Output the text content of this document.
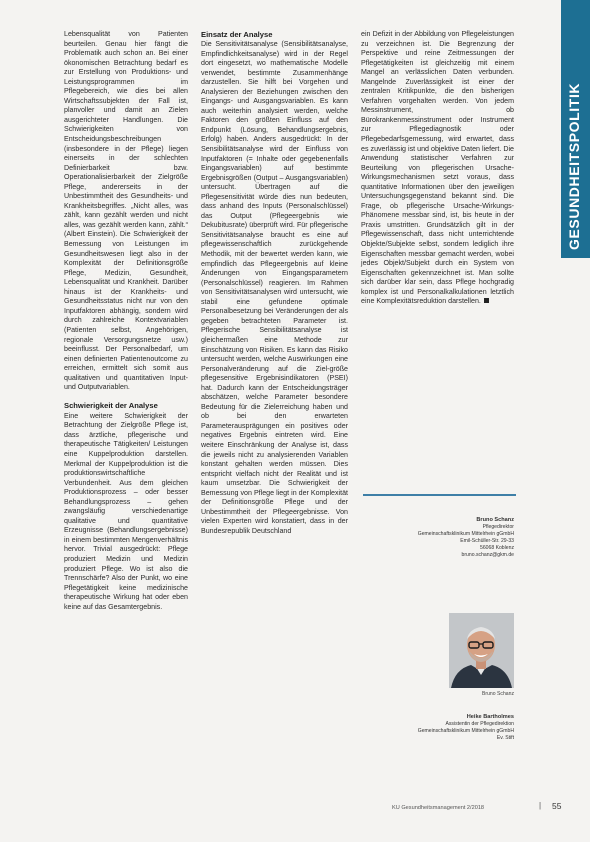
GESUNDHEITSPOLITIK

Lebensqualität von Patienten beurteilen. Genau hier fängt die Problematik auch schon an. Bei einer ökonomischen Betrachtung bedarf es zur Erstellung von Produktions- und Leistungsprogrammen im Pflegebereich, wie dies bei allen Wirtschaftssubjekten der Fall ist, planvoller und damit an Zielen ausgerichteter Handlungen. Die Schwierigkeiten von Entscheidungsbeschreibungen (insbesondere in der Pflege) liegen einerseits in der schlechten Definierbarkeit bzw. Operationalisierbarkeit der Zielgröße Pflege, andererseits in der Unbestimmtheit des Gesundheits- und Krankheitsbegriffes. „Nicht alles, was zählt, kann gezählt werden und nicht alles, was gezählt werden kann, zählt.“ (Albert Einstein). Die Schwierigkeit der Bemessung von Leistungen im Gesundheitswesen liegt also in der Komplexität der Definitionsgröße Pflege, Medizin, Gesundheit, Lebensqualität und Krankheit. Darüber hinaus ist der Krankheits- und Gesundheitsstatus nicht nur von den Inputfaktoren abhängig, sondern wird durch zahlreiche Kontextvariablen (Patienten selbst, Angehörigen, regionale Versorgungsnetze usw.) beeinflusst. Der Personalbedarf, um einen definierten Patientenoutcome zu erreichen, ermittelt sich somit aus qualitativen und quantitativen Input- und Outputvariablen.

Schwierigkeit der Analyse

Eine weitere Schwierigkeit der Betrachtung der Zielgröße Pflege ist, dass ärztliche, pflegerische und therapeutische Tätigkeiten/ Leistungen eine Kuppelproduktion darstellen. Merkmal der Kuppelproduktion ist die produktionswirtschaftliche Verbundenheit. Aus dem gleichen Produktionsprozess – oder besser Behandlungsprozess – gehen zwangsläufig verschiedenartige qualitative und quantitative Erzeugnisse (Behandlungsergebnisse) in einem bestimmten Mengenverhältnis hervor. Trivial ausgedrückt: Pflege produziert Medizin und Medizin produziert Pflege. Wo ist also die Trennschärfe? Also der Punkt, wo eine Pflegetätigkeit keine medizinische therapeutische Wirkung hat oder eben keine auf das Gesamtergebnis.

Einsatz der Analyse

Die Sensitivitätsanalyse (Sensibilitätsanalyse, Empfindlichkeitsanalyse) wird in der Regel dort eingesetzt, wo mathematische Modelle verwendet, bestimmte Zusammenhänge darzustellen. Sie hilft bei Vorgehen und Analysieren der Beziehungen zwischen den Eingangs- und Ausgangsvariablen. Es kann auch weiterhin analysiert werden, welche Faktoren den größten Einfluss auf den Endpunkt (Lösung, Behandlungsergebnis, Erfolg) haben. Anders ausgedrückt: In der Sensibilitätsanalyse wird der Einfluss von Inputfaktoren (= Inhalte oder gegebenenfalls Eingangsvariablen) auf bestimmte Ergebnisgrößen (Output – Ausgangsvariablen) untersucht. Übertragen auf die Pflegesensitivität würde dies nun bedeuten, dass anhand des Inputs (Personalschlüssel) das Output (Pflegeergebnis wie Dekubitusrate) überprüft wird. Für pflegerische Sensitivitätsanalyse braucht es eine auf pflegewissenschaftlich zurückgehende Methodik, mit der bewertet werden kann, wie empfindlich das Pflegeergebnis auf kleine Änderungen von Eingangsparametern (Personalschlüssel) reagieren. Im Rahmen von Sensitivitätsanalysen wird untersucht, wie stabil eine gefundene optimale Personalbesetzung bei Veränderungen der als gegeben betrachteten Parameter ist. Pflegerische Sensibilitätsanalyse ist gleichermaßen eine Methode zur Einschätzung von Risiken. Es kann das Risiko untersucht werden, welche Auswirkungen eine Personalveränderung auf die Ziel-größe pflegesensitive Ergebnisindikatoren (PSEI) hat. Dadurch kann der Entscheidungsträger abschätzen, welche Parameter besondere Bedeutung für die Zielerreichung haben und ob bei den erwarteten Parameterausprägungen ein positives oder negatives Ergebnis eintreten wird. Eine weitere Einschränkung der Analyse ist, dass die jeweils nicht zu analysierenden Variablen konstant gehalten werden müssen. Dies entspricht vielfach nicht der Realität und ist kaum umsetzbar. Die Schwierigkeit der Bemessung von Pflege liegt in der Komplexität der Definitionsgröße Pflege und der Unbestimmtheit der Pflegeergebnisse. Von vielen Experten wird konstatiert, dass in der Bundesrepublik Deutschland

ein Defizit in der Abbildung von Pflegeleistungen zu verzeichnen ist. Die Begrenzung der Perspektive und reine Zeitmessungen der Pflegetätigkeiten ist gleichzeitig mit einem Mangel an verlässlichen Daten verbunden. Mangelnde Zuverlässigkeit ist einer der zentralen Kritikpunkte, die den bisherigen Verfahren vorgehalten werden. Von jedem Messinstrument, ob Bürokrankenmessinstrument oder Instrument zur Pflegediagnostik oder Pflegebedarfsgemessung, wird erwartet, dass es zuverlässig ist und objektive Daten liefert. Die Anwendung statistischer Verfahren zur Beurteilung von pflegerischen Ursache-Wirkungsmechanismen setzt voraus, dass quantitative Informationen über den jeweiligen Untersuchungsgegenstand bekannt sind. Die Frage, ob pflegerische Ursache-Wirkungs-Phänomene messbar sind, ist, bis heute in der Praxis umstritten. Grundsätzlich gilt in der Pflegewissenschaft, dass nicht unterrichtende Objekte/Subjekte selbst, sondern lediglich ihre Eigenschaften messbar gemacht werden, wobei jedes Objekt/Subjekt durch ein System von Eigenschaften gekennzeichnet ist. Man sollte sich darüber klar sein, dass Pflege hochgradig komplex ist und Personalkalkulationen letztlich eine Komplexitätsreduktion darstellen.

Bruno Schanz
Pflegedirektor
Gemeinschaftsklinikum Mittelrhein gGmbH
Emil-Schüller-Str. 29-33
56068 Koblenz
bruno.schanz@gkm.de
Bruno Schanz
Heike Bartholmes
Assistentin der Pflegedirektion
Gemeinschaftsklinikum Mittelrhein gGmbH
Ev. Stift
KU Gesundheitsmanagement 2/2018	| 55
